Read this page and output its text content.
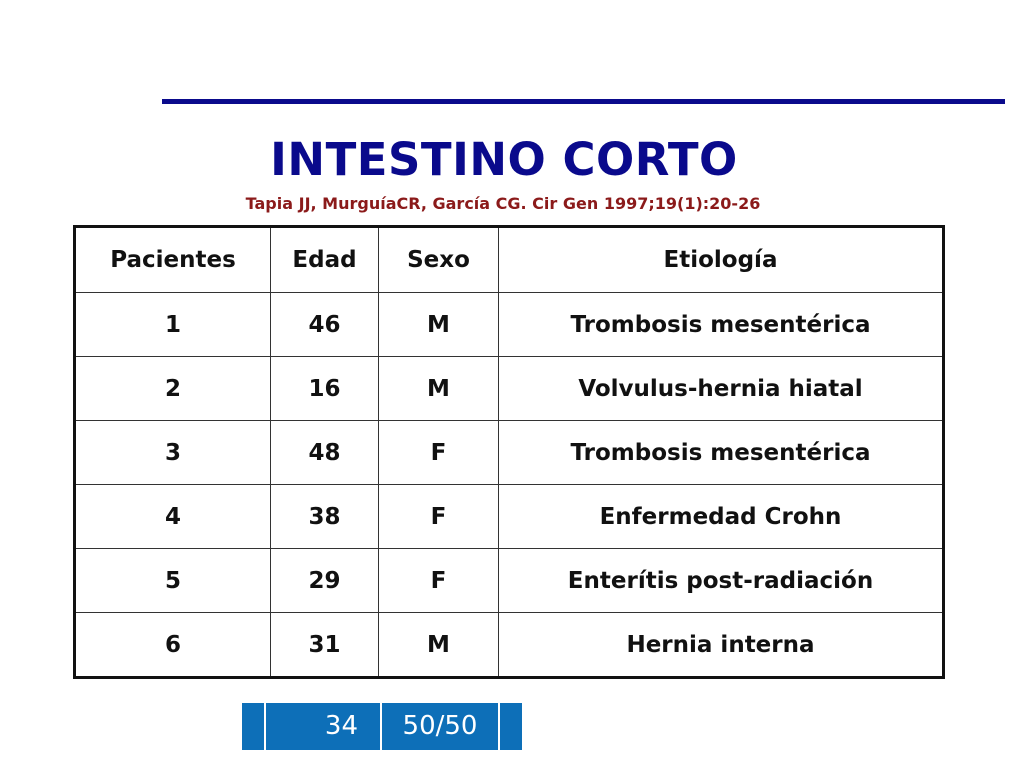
INTESTINO CORTO
Tapia JJ, MurguíaCR, García CG. Cir Gen 1997;19(1):20-26
Pacientes	Edad	Sexo	Etiología
1	46	M	Trombosis mesentérica
2	16	M	Volvulus-hernia hiatal
3	48	F	Trombosis mesentérica
4	38	F	Enfermedad Crohn
5	29	F	Enterítis post-radiación
6	31	M	Hernia interna
34	50/50
